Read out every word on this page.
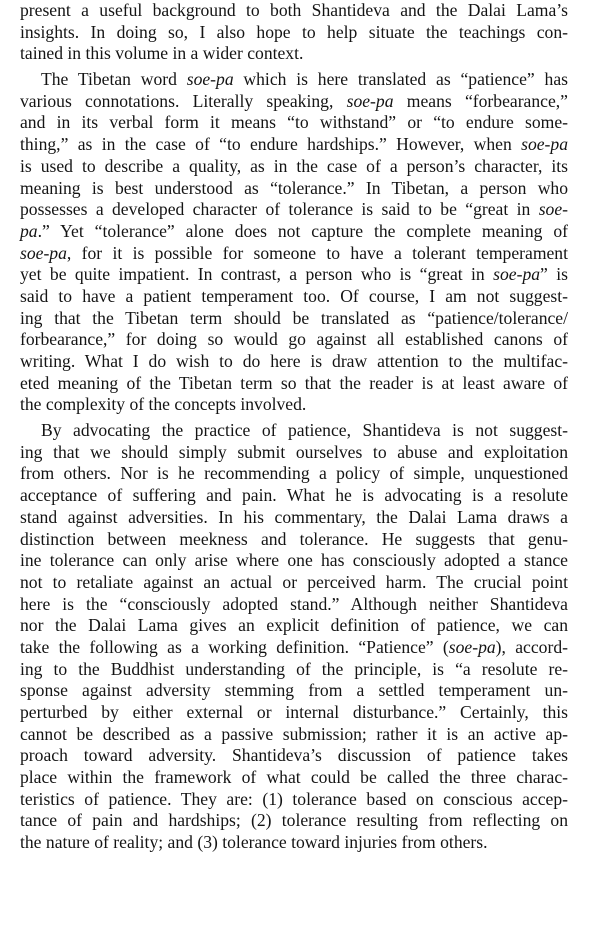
present a useful background to both Shantideva and the Dalai Lama’s
insights. In doing so, I also hope to help situate the teachings con-
tained in this volume in a wider context.
The Tibetan word soe-pa which is here translated as “patience” has
various connotations. Literally speaking, soe-pa means “forbearance,”
and in its verbal form it means “to withstand” or “to endure some-
thing,” as in the case of “to endure hardships.” However, when soe-pa
is used to describe a quality, as in the case of a person’s character, its
meaning is best understood as “tolerance.” In Tibetan, a person who
possesses a developed character of tolerance is said to be “great in soe-
pa.” Yet “tolerance” alone does not capture the complete meaning of
soe-pa, for it is possible for someone to have a tolerant temperament
yet be quite impatient. In contrast, a person who is “great in soe-pa” is
said to have a patient temperament too. Of course, I am not suggest-
ing that the Tibetan term should be translated as “patience/tolerance/
forbearance,” for doing so would go against all established canons of
writing. What I do wish to do here is draw attention to the multifac-
eted meaning of the Tibetan term so that the reader is at least aware of
the complexity of the concepts involved.
By advocating the practice of patience, Shantideva is not suggest-
ing that we should simply submit ourselves to abuse and exploitation
from others. Nor is he recommending a policy of simple, unquestioned
acceptance of suffering and pain. What he is advocating is a resolute
stand against adversities. In his commentary, the Dalai Lama draws a
distinction between meekness and tolerance. He suggests that genu-
ine tolerance can only arise where one has consciously adopted a stance
not to retaliate against an actual or perceived harm. The crucial point
here is the “consciously adopted stand.” Although neither Shantideva
nor the Dalai Lama gives an explicit definition of patience, we can
take the following as a working definition. “Patience” (soe-pa), accord-
ing to the Buddhist understanding of the principle, is “a resolute re-
sponse against adversity stemming from a settled temperament un-
perturbed by either external or internal disturbance.” Certainly, this
cannot be described as a passive submission; rather it is an active ap-
proach toward adversity. Shantideva’s discussion of patience takes
place within the framework of what could be called the three charac-
teristics of patience. They are: (1) tolerance based on conscious accep-
tance of pain and hardships; (2) tolerance resulting from reflecting on
the nature of reality; and (3) tolerance toward injuries from others.
